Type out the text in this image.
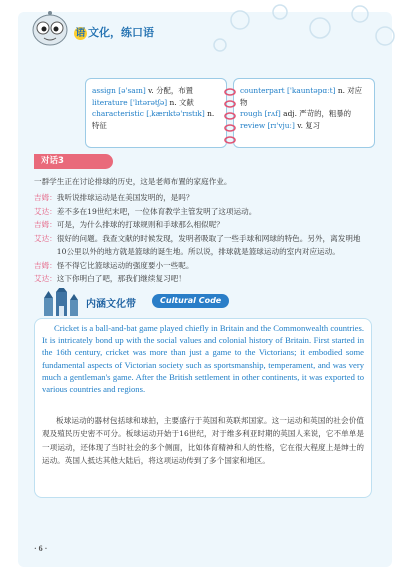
语 文化，练口语
assign [ə'saɪn] v. 分配，布置
literature ['lɪtərətʃə] n. 文献
characteristic [ˌkærɪktə'rɪstɪk] n. 特征
counterpart ['kauntəpɑːt] n. 对应物
rough [rʌf] adj. 严苛的，粗暴的
review [rɪ'vjuː] v. 复习
对话3
一群学生正在讨论排球的历史，这是老师布置的家庭作业。
吉姆： 我听说排球运动是在美国发明的，是吗？
艾达： 差不多在19世纪末吧，一位体育教学主管发明了这项运动。
吉姆： 可是，为什么排球的打球规则和手球那么相似呢？
艾达： 很好的问题。我查文献的时候发现，发明者吸取了一些手球和网球的特色。另外，离发明地10公里以外的地方就是篮球的诞生地。所以说，排球就是篮球运动的室内对应运动。
吉姆： 怪不得它比篮球运动的强度要小一些呢。
艾达： 这下你明白了吧，那我们继续复习吧！
内涵文化带	Cultural Code
Cricket is a ball-and-bat game played chiefly in Britain and the Commonwealth countries. It is intricately bond up with the social values and colonial history of Britain. First started in the 16th century, cricket was more than just a game to the Victorians; it embodied some fundamental aspects of Victorian society such as sportsmanship, temperament, and was very much a gentleman's game. After the British settlement in other continents, it was exported to various countries and regions.
板球运动的器材包括球和球拍，主要盛行于英国和英联邦国家。这一运动和英国的社会价值观及殖民历史密不可分。板球运动开始于16世纪，对于维多利亚时期的英国人来说，它不单单是一项运动，还体现了当时社会的多个侧面，比如体育精神和人的性格，它在很大程度上是绅士的运动。英国人抵达其他大陆后，将这项运动传到了多个国家和地区。
· 6 ·
